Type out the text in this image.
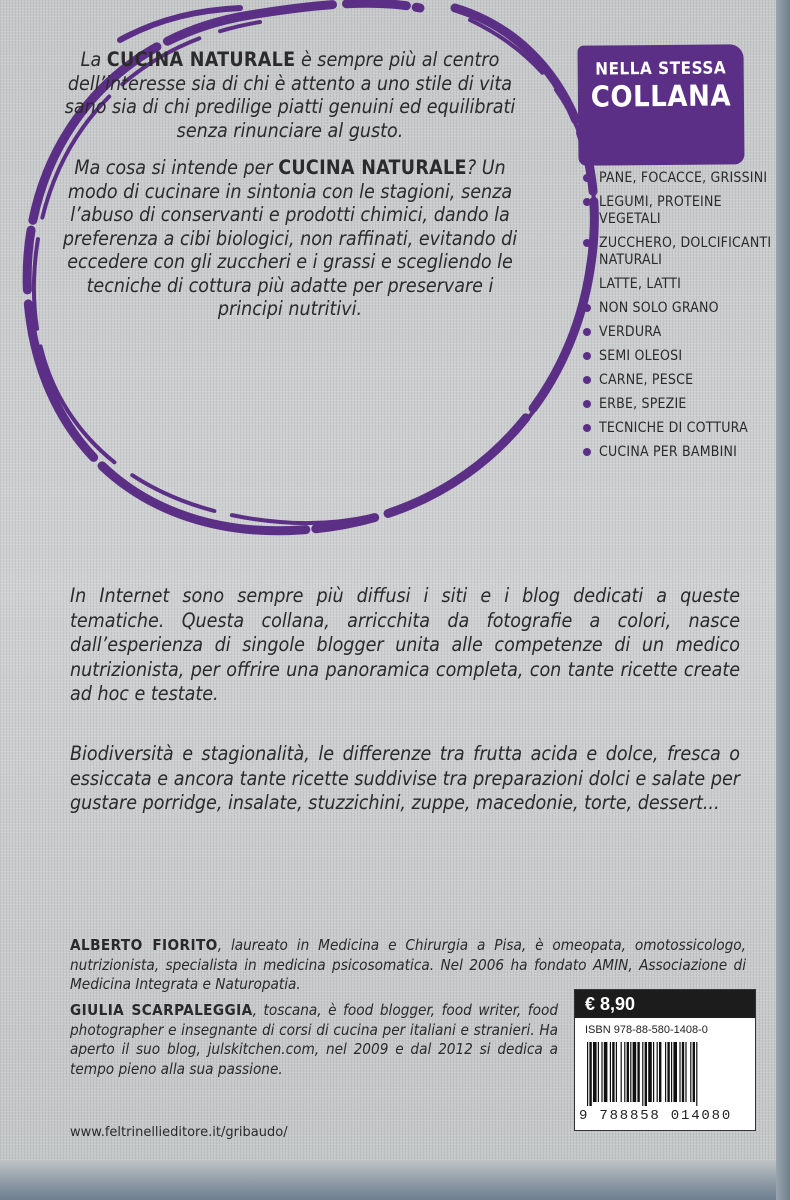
La CUCINA NATURALE è sempre più al centro dell’interesse sia di chi è attento a uno stile di vita sano sia di chi predilige piatti genuini ed equilibrati senza rinunciare al gusto.

Ma cosa si intende per CUCINA NATURALE? Un modo di cucinare in sintonia con le stagioni, senza l’abuso di conservanti e prodotti chimici, dando la preferenza a cibi biologici, non raffinati, evitando di eccedere con gli zuccheri e i grassi e scegliendo le tecniche di cottura più adatte per preservare i principi nutritivi.

NELLA STESSA
COLLANA
PANE, FOCACCE, GRISSINI
LEGUMI, PROTEINE VEGETALI
ZUCCHERO, DOLCIFICANTI NATURALI
LATTE, LATTI
NON SOLO GRANO
VERDURA
SEMI OLEOSI
CARNE, PESCE
ERBE, SPEZIE
TECNICHE DI COTTURA
CUCINA PER BAMBINI

In Internet sono sempre più diffusi i siti e i blog dedicati a queste tematiche. Questa collana, arricchita da fotografie a colori, nasce dall’esperienza di singole blogger unita alle competenze di un medico nutrizionista, per offrire una panoramica completa, con tante ricette create ad hoc e testate.

Biodiversità e stagionalità, le differenze tra frutta acida e dolce, fresca o essiccata e ancora tante ricette suddivise tra preparazioni dolci e salate per gustare porridge, insalate, stuzzichini, zuppe, macedonie, torte, dessert...

ALBERTO FIORITO, laureato in Medicina e Chirurgia a Pisa, è omeopata, omotossicologo, nutrizionista, specialista in medicina psicosomatica. Nel 2006 ha fondato AMIN, Associazione di Medicina Integrata e Naturopatia.

GIULIA SCARPALEGGIA, toscana, è food blogger, food writer, food photographer e insegnante di corsi di cucina per italiani e stranieri. Ha aperto il suo blog, julskitchen.com, nel 2009 e dal 2012 si dedica a tempo pieno alla sua passione.

€ 8,90
ISBN 978-88-580-1408-0
9 788858 014080
www.feltrinellieditore.it/gribaudo/
